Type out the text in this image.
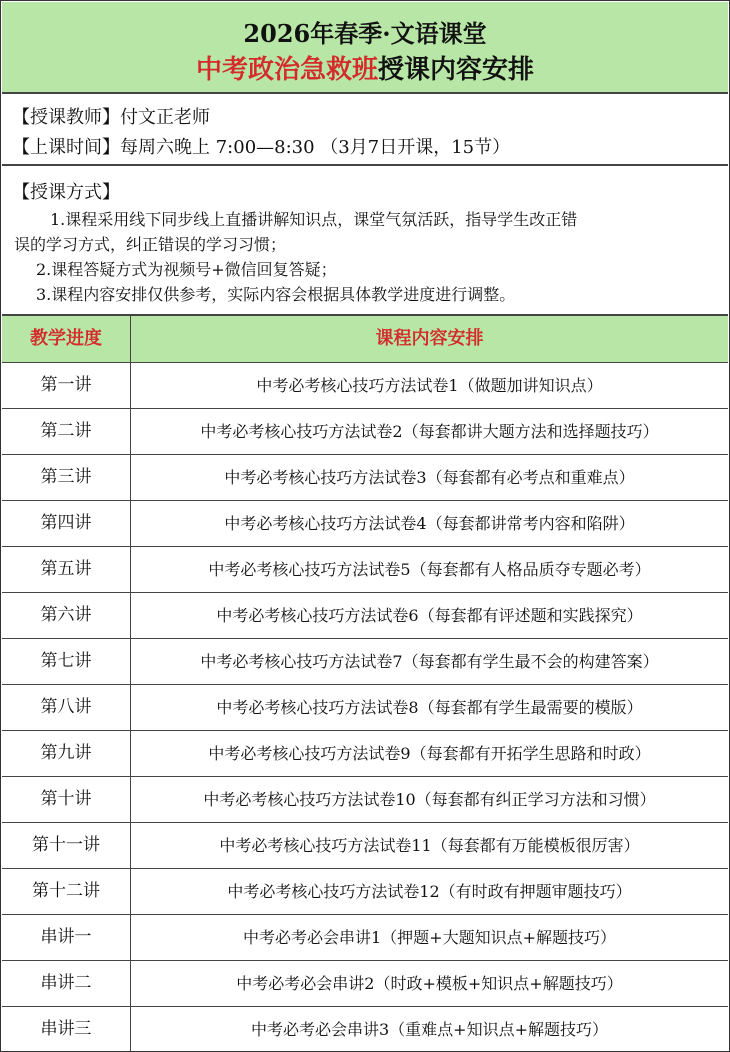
2026年春季·文语课堂
中考政治急救班授课内容安排
【授课教师】付文正老师
【上课时间】每周六晚上 7:00—8:30 （3月7日开课，15节）
【授课方式】
1.课程采用线下同步线上直播讲解知识点，课堂气氛活跃，指导学生改正错
误的学习方式，纠正错误的学习习惯；
2.课程答疑方式为视频号+微信回复答疑；
3.课程内容安排仅供参考，实际内容会根据具体教学进度进行调整。
教学进度	课程内容安排
第一讲	中考必考核心技巧方法试卷1（做题加讲知识点）
第二讲	中考必考核心技巧方法试卷2（每套都讲大题方法和选择题技巧）
第三讲	中考必考核心技巧方法试卷3（每套都有必考点和重难点）
第四讲	中考必考核心技巧方法试卷4（每套都讲常考内容和陷阱）
第五讲	中考必考核心技巧方法试卷5（每套都有人格品质夺专题必考）
第六讲	中考必考核心技巧方法试卷6（每套都有评述题和实践探究）
第七讲	中考必考核心技巧方法试卷7（每套都有学生最不会的构建答案）
第八讲	中考必考核心技巧方法试卷8（每套都有学生最需要的模版）
第九讲	中考必考核心技巧方法试卷9（每套都有开拓学生思路和时政）
第十讲	中考必考核心技巧方法试卷10（每套都有纠正学习方法和习惯）
第十一讲	中考必考核心技巧方法试卷11（每套都有万能模板很厉害）
第十二讲	中考必考核心技巧方法试卷12（有时政有押题审题技巧）
串讲一	中考必考必会串讲1（押题+大题知识点+解题技巧）
串讲二	中考必考必会串讲2（时政+模板+知识点+解题技巧）
串讲三	中考必考必会串讲3（重难点+知识点+解题技巧）
